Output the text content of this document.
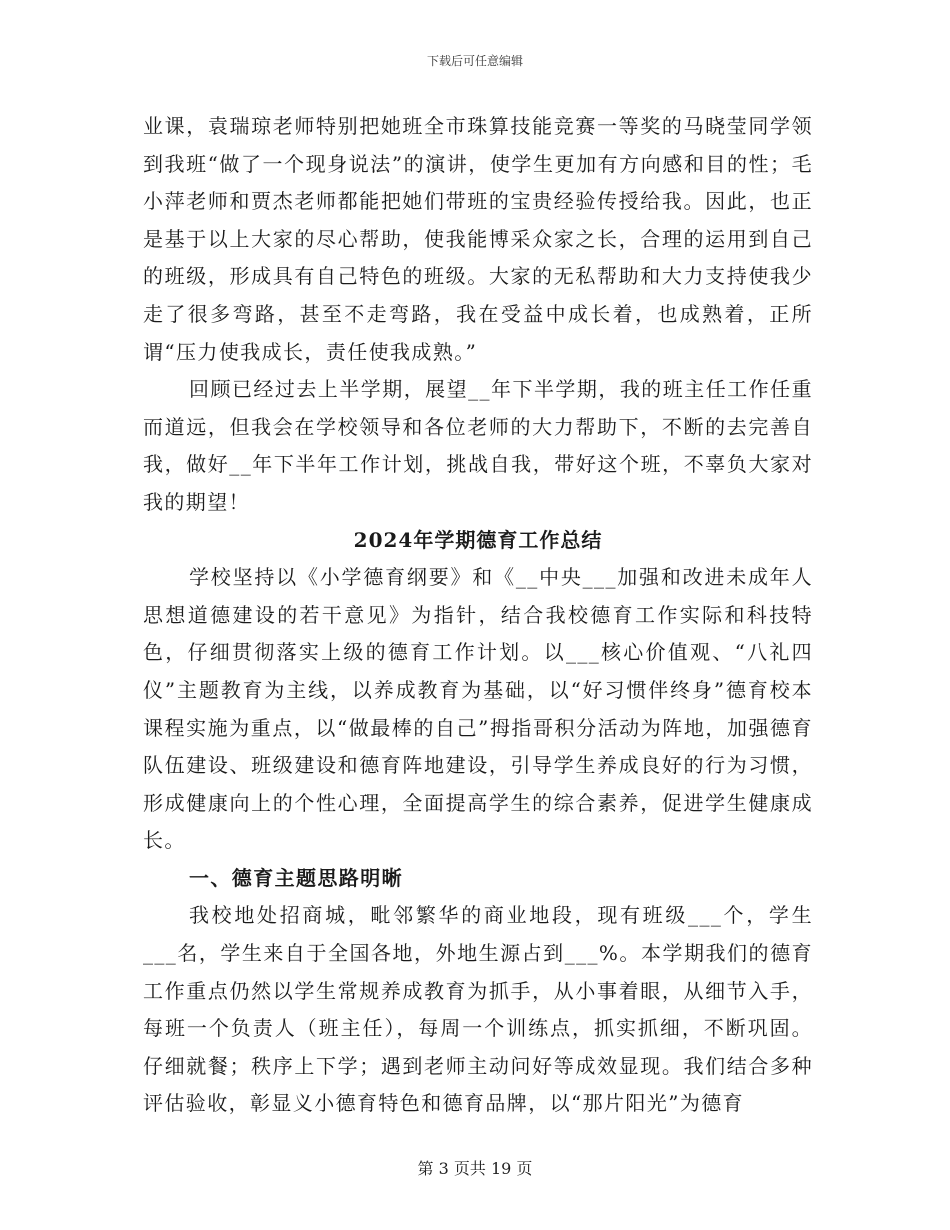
下载后可任意编辑

业课，袁瑞琼老师特别把她班全市珠算技能竞赛一等奖的马晓莹同学领到我班“做了一个现身说法”的演讲，使学生更加有方向感和目的性；毛小萍老师和贾杰老师都能把她们带班的宝贵经验传授给我。因此，也正是基于以上大家的尽心帮助，使我能博采众家之长，合理的运用到自己的班级，形成具有自己特色的班级。大家的无私帮助和大力支持使我少走了很多弯路，甚至不走弯路，我在受益中成长着，也成熟着，正所谓“压力使我成长，责任使我成熟。”

回顾已经过去上半学期，展望__年下半学期，我的班主任工作任重而道远，但我会在学校领导和各位老师的大力帮助下，不断的去完善自我，做好__年下半年工作计划，挑战自我，带好这个班，不辜负大家对我的期望！

2024年学期德育工作总结

学校坚持以《小学德育纲要》和《__中央___加强和改进未成年人思想道德建设的若干意见》为指针，结合我校德育工作实际和科技特色，仔细贯彻落实上级的德育工作计划。以___核心价值观、“八礼四仪”主题教育为主线，以养成教育为基础，以“好习惯伴终身”德育校本课程实施为重点，以“做最棒的自己”拇指哥积分活动为阵地，加强德育队伍建设、班级建设和德育阵地建设，引导学生养成良好的行为习惯，形成健康向上的个性心理，全面提高学生的综合素养，促进学生健康成长。

一、德育主题思路明晰

我校地处招商城，毗邻繁华的商业地段，现有班级___个，学生___名，学生来自于全国各地，外地生源占到___%。本学期我们的德育工作重点仍然以学生常规养成教育为抓手，从小事着眼，从细节入手，每班一个负责人（班主任），每周一个训练点，抓实抓细，不断巩固。仔细就餐；秩序上下学；遇到老师主动问好等成效显现。我们结合多种评估验收，彰显义小德育特色和德育品牌，以“那片阳光”为德育

第 3 页共 19 页
